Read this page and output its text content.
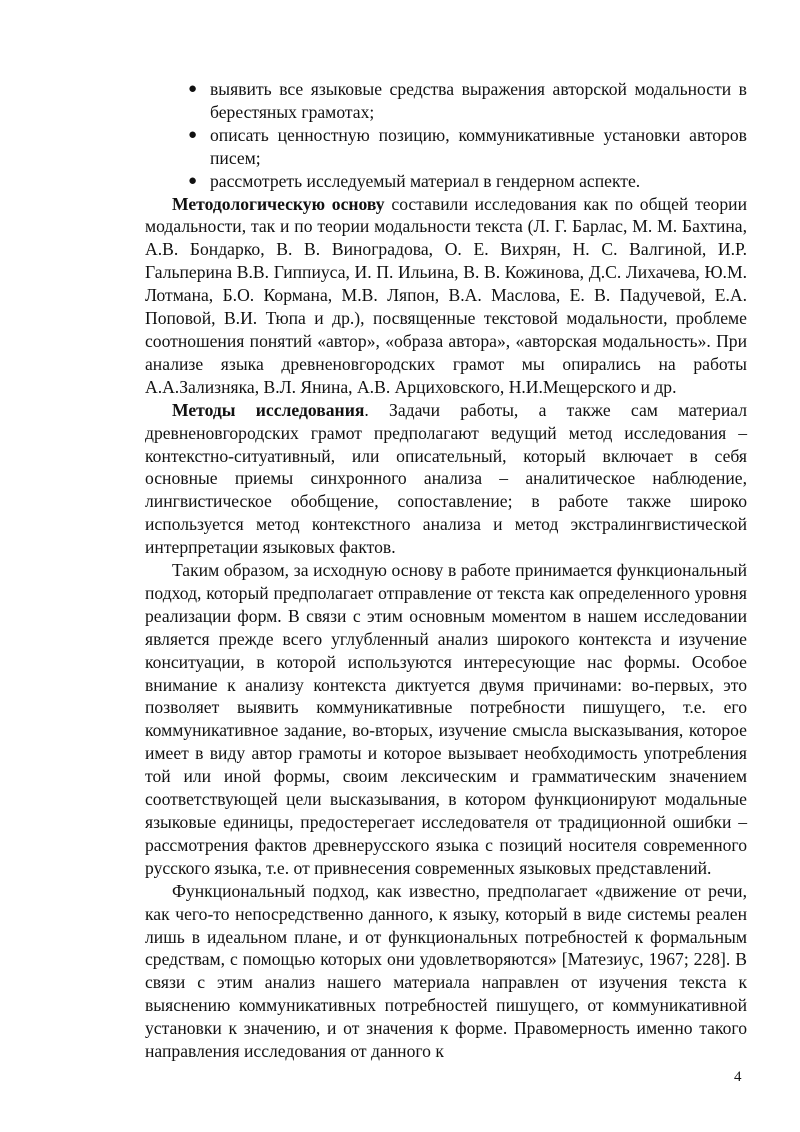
● выявить все языковые средства выражения авторской модальности в берестяных грамотах;
● описать ценностную позицию, коммуникативные установки авторов писем;
● рассмотреть исследуемый материал в гендерном аспекте.

Методологическую основу составили исследования как по общей теории модальности, так и по теории модальности текста (Л. Г. Барлас, М. М. Бахтина, А.В. Бондарко, В. В. Виноградова, О. Е. Вихрян, Н. С. Валгиной, И.Р. Гальперина В.В. Гиппиуса, И. П. Ильина, В. В. Кожинова, Д.С. Лихачева, Ю.М. Лотмана, Б.О. Кормана, М.В. Ляпон, В.А. Маслова, Е. В. Падучевой, Е.А. Поповой, В.И. Тюпа и др.), посвященные текстовой модальности, проблеме соотношения понятий «автор», «образа автора», «авторская модальность». При анализе языка древненовгородских грамот мы опирались на работы А.А.Зализняка, В.Л. Янина, А.В. Арциховского, Н.И.Мещерского и др.

Методы исследования. Задачи работы, а также сам материал древненовгородских грамот предполагают ведущий метод исследования – контекстно-ситуативный, или описательный, который включает в себя основные приемы синхронного анализа – аналитическое наблюдение, лингвистическое обобщение, сопоставление; в работе также широко используется метод контекстного анализа и метод экстралингвистической интерпретации языковых фактов.

Таким образом, за исходную основу в работе принимается функциональный подход, который предполагает отправление от текста как определенного уровня реализации форм. В связи с этим основным моментом в нашем исследовании является прежде всего углубленный анализ широкого контекста и изучение конситуации, в которой используются интересующие нас формы. Особое внимание к анализу контекста диктуется двумя причинами: во-первых, это позволяет выявить коммуникативные потребности пишущего, т.е. его коммуникативное задание, во-вторых, изучение смысла высказывания, которое имеет в виду автор грамоты и которое вызывает необходимость употребления той или иной формы, своим лексическим и грамматическим значением соответствующей цели высказывания, в котором функционируют модальные языковые единицы, предостерегает исследователя от традиционной ошибки – рассмотрения фактов древнерусского языка с позиций носителя современного русского языка, т.е. от привнесения современных языковых представлений.

Функциональный подход, как известно, предполагает «движение от речи, как чего-то непосредственно данного, к языку, который в виде системы реален лишь в идеальном плане, и от функциональных потребностей к формальным средствам, с помощью которых они удовлетворяются» [Матезиус, 1967; 228]. В связи с этим анализ нашего материала направлен от изучения текста к выяснению коммуникативных потребностей пишущего, от коммуникативной установки к значению, и от значения к форме. Правомерность именно такого направления исследования от данного к

4
